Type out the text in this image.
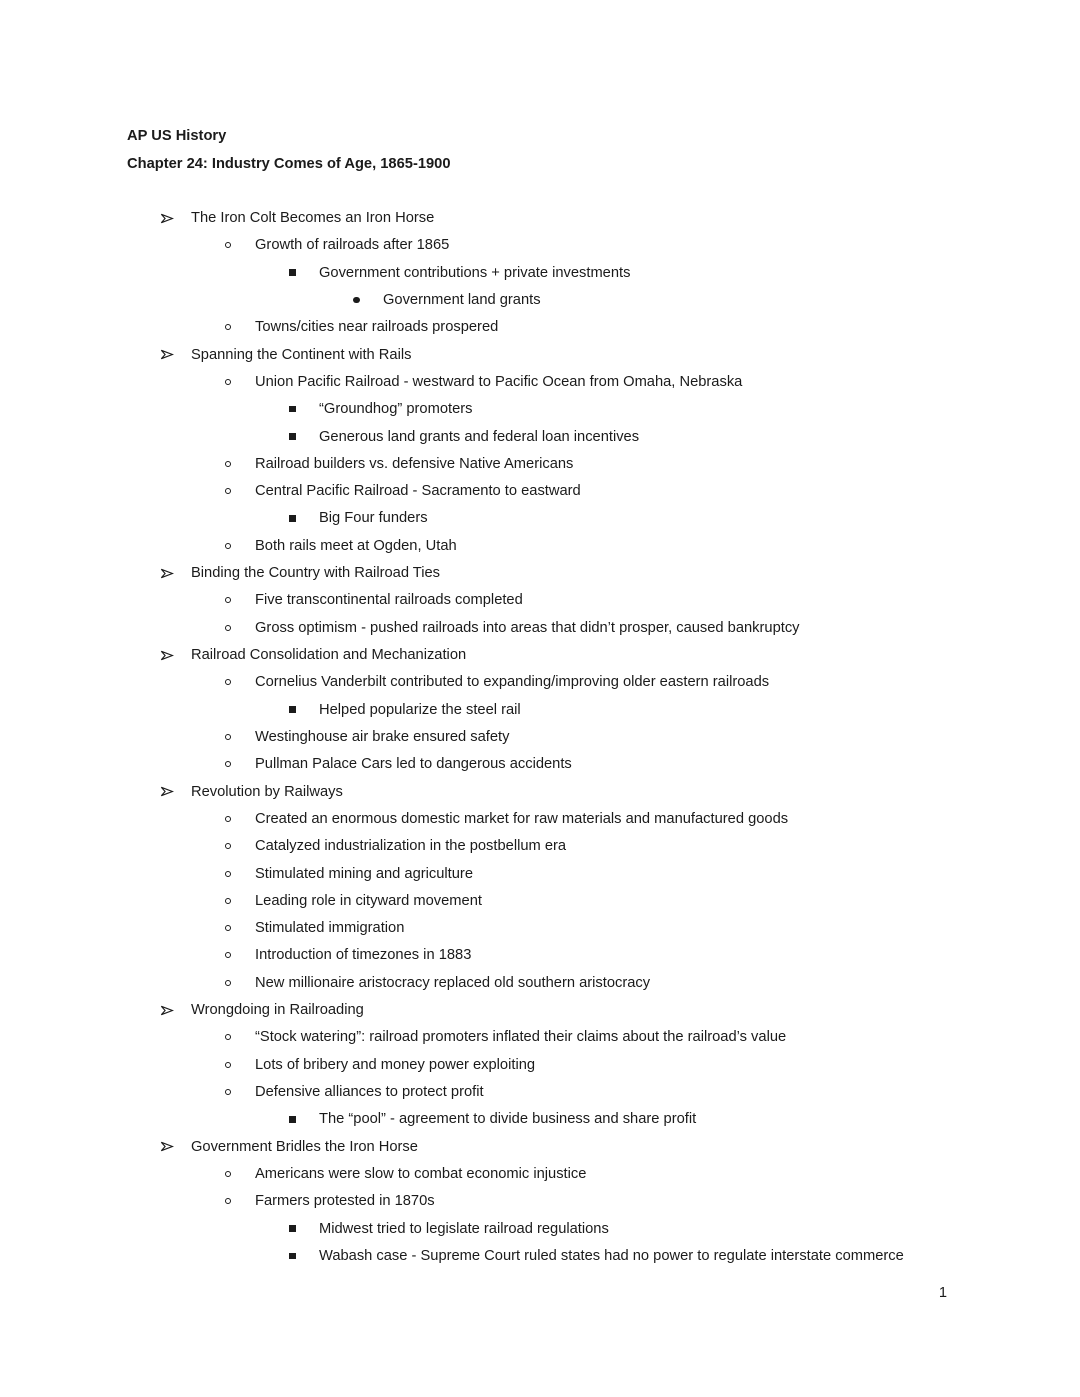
AP US History
Chapter 24: Industry Comes of Age, 1865-1900
The Iron Colt Becomes an Iron Horse
Growth of railroads after 1865
Government contributions + private investments
Government land grants
Towns/cities near railroads prospered
Spanning the Continent with Rails
Union Pacific Railroad - westward to Pacific Ocean from Omaha, Nebraska
“Groundhog” promoters
Generous land grants and federal loan incentives
Railroad builders vs. defensive Native Americans
Central Pacific Railroad - Sacramento to eastward
Big Four funders
Both rails meet at Ogden, Utah
Binding the Country with Railroad Ties
Five transcontinental railroads completed
Gross optimism - pushed railroads into areas that didn’t prosper, caused bankruptcy
Railroad Consolidation and Mechanization
Cornelius Vanderbilt contributed to expanding/improving older eastern railroads
Helped popularize the steel rail
Westinghouse air brake ensured safety
Pullman Palace Cars led to dangerous accidents
Revolution by Railways
Created an enormous domestic market for raw materials and manufactured goods
Catalyzed industrialization in the postbellum era
Stimulated mining and agriculture
Leading role in cityward movement
Stimulated immigration
Introduction of timezones in 1883
New millionaire aristocracy replaced old southern aristocracy
Wrongdoing in Railroading
“Stock watering”: railroad promoters inflated their claims about the railroad’s value
Lots of bribery and money power exploiting
Defensive alliances to protect profit
The “pool” - agreement to divide business and share profit
Government Bridles the Iron Horse
Americans were slow to combat economic injustice
Farmers protested in 1870s
Midwest tried to legislate railroad regulations
Wabash case - Supreme Court ruled states had no power to regulate interstate commerce
1
